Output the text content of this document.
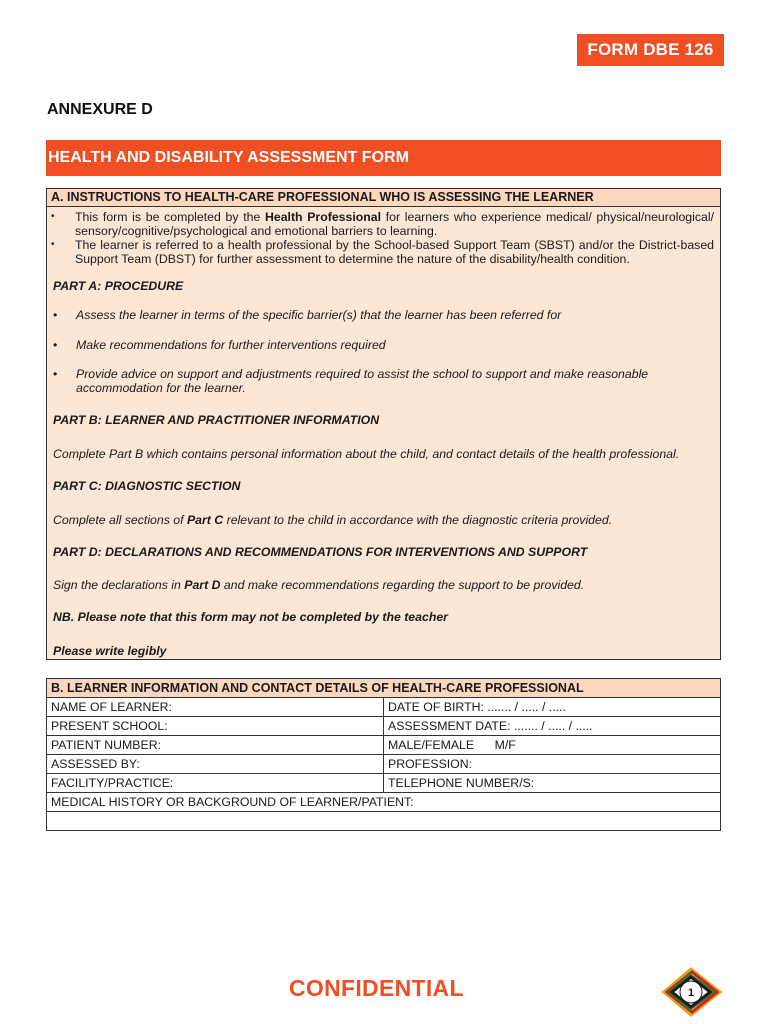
FORM DBE 126
ANNEXURE D
HEALTH AND DISABILITY ASSESSMENT FORM
A. INSTRUCTIONS TO HEALTH-CARE PROFESSIONAL WHO IS ASSESSING THE LEARNER
•	This form is be completed by the Health Professional for learners who experience medical/ physical/neurological/ sensory/cognitive/psychological and emotional barriers to learning.
•	The learner is referred to a health professional by the School-based Support Team (SBST) and/or the District-based Support Team (DBST) for further assessment to determine the nature of the disability/health condition.
PART A: PROCEDURE
•	Assess the learner in terms of the specific barrier(s) that the learner has been referred for
•	Make recommendations for further interventions required
•	Provide advice on support and adjustments required to assist the school to support and make reasonable accommodation for the learner.
PART B: LEARNER AND PRACTITIONER INFORMATION
Complete Part B which contains personal information about the child, and contact details of the health professional.
PART C: DIAGNOSTIC SECTION
Complete all sections of Part C relevant to the child in accordance with the diagnostic criteria provided.
PART D: DECLARATIONS AND RECOMMENDATIONS FOR INTERVENTIONS AND SUPPORT
Sign the declarations in Part D and make recommendations regarding the support to be provided.
NB. Please note that this form may not be completed by the teacher
Please write legibly
B. LEARNER INFORMATION AND CONTACT DETAILS OF HEALTH-CARE PROFESSIONAL
NAME OF LEARNER:	DATE OF BIRTH: ....... / ..... / .....
PRESENT SCHOOL:	ASSESSMENT DATE: ....... / ..... / .....
PATIENT NUMBER:	MALE/FEMALE      M/F
ASSESSED BY:	PROFESSION:
FACILITY/PRACTICE:	TELEPHONE NUMBER/S:
MEDICAL HISTORY OR BACKGROUND OF LEARNER/PATIENT:
CONFIDENTIAL	1
